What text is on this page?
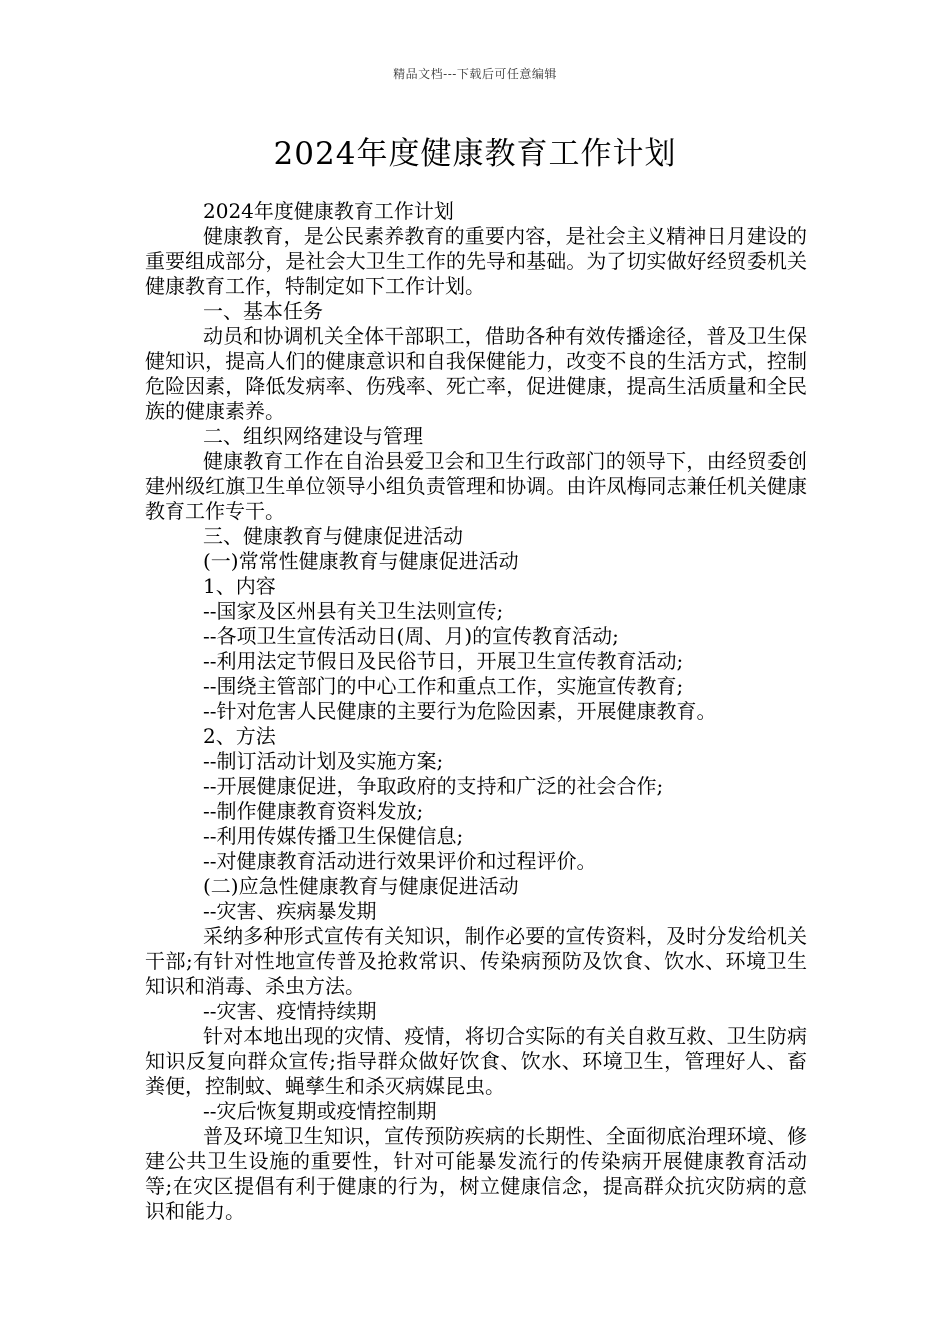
精品文档---下载后可任意编辑
2024年度健康教育工作计划

2024年度健康教育工作计划

健康教育，是公民素养教育的重要内容，是社会主义精神日月建设的重要组成部分，是社会大卫生工作的先导和基础。为了切实做好经贸委机关健康教育工作，特制定如下工作计划。

一、基本任务

动员和协调机关全体干部职工，借助各种有效传播途径，普及卫生保健知识，提高人们的健康意识和自我保健能力，改变不良的生活方式，控制危险因素，降低发病率、伤残率、死亡率，促进健康，提高生活质量和全民族的健康素养。

二、组织网络建设与管理

健康教育工作在自治县爱卫会和卫生行政部门的领导下，由经贸委创建州级红旗卫生单位领导小组负责管理和协调。由许凤梅同志兼任机关健康教育工作专干。

三、健康教育与健康促进活动

(一)常常性健康教育与健康促进活动

1、内容

--国家及区州县有关卫生法则宣传;

--各项卫生宣传活动日(周、月)的宣传教育活动;

--利用法定节假日及民俗节日，开展卫生宣传教育活动;

--围绕主管部门的中心工作和重点工作，实施宣传教育;

--针对危害人民健康的主要行为危险因素，开展健康教育。

2、方法

--制订活动计划及实施方案;

--开展健康促进，争取政府的支持和广泛的社会合作;

--制作健康教育资料发放;

--利用传媒传播卫生保健信息;

--对健康教育活动进行效果评价和过程评价。

(二)应急性健康教育与健康促进活动

--灾害、疾病暴发期

采纳多种形式宣传有关知识，制作必要的宣传资料，及时分发给机关干部;有针对性地宣传普及抢救常识、传染病预防及饮食、饮水、环境卫生知识和消毒、杀虫方法。

--灾害、疫情持续期

针对本地出现的灾情、疫情，将切合实际的有关自救互救、卫生防病知识反复向群众宣传;指导群众做好饮食、饮水、环境卫生，管理好人、畜粪便，控制蚊、蝇孳生和杀灭病媒昆虫。

--灾后恢复期或疫情控制期

普及环境卫生知识，宣传预防疾病的长期性、全面彻底治理环境、修建公共卫生设施的重要性，针对可能暴发流行的传染病开展健康教育活动等;在灾区提倡有利于健康的行为，树立健康信念，提高群众抗灾防病的意识和能力。
